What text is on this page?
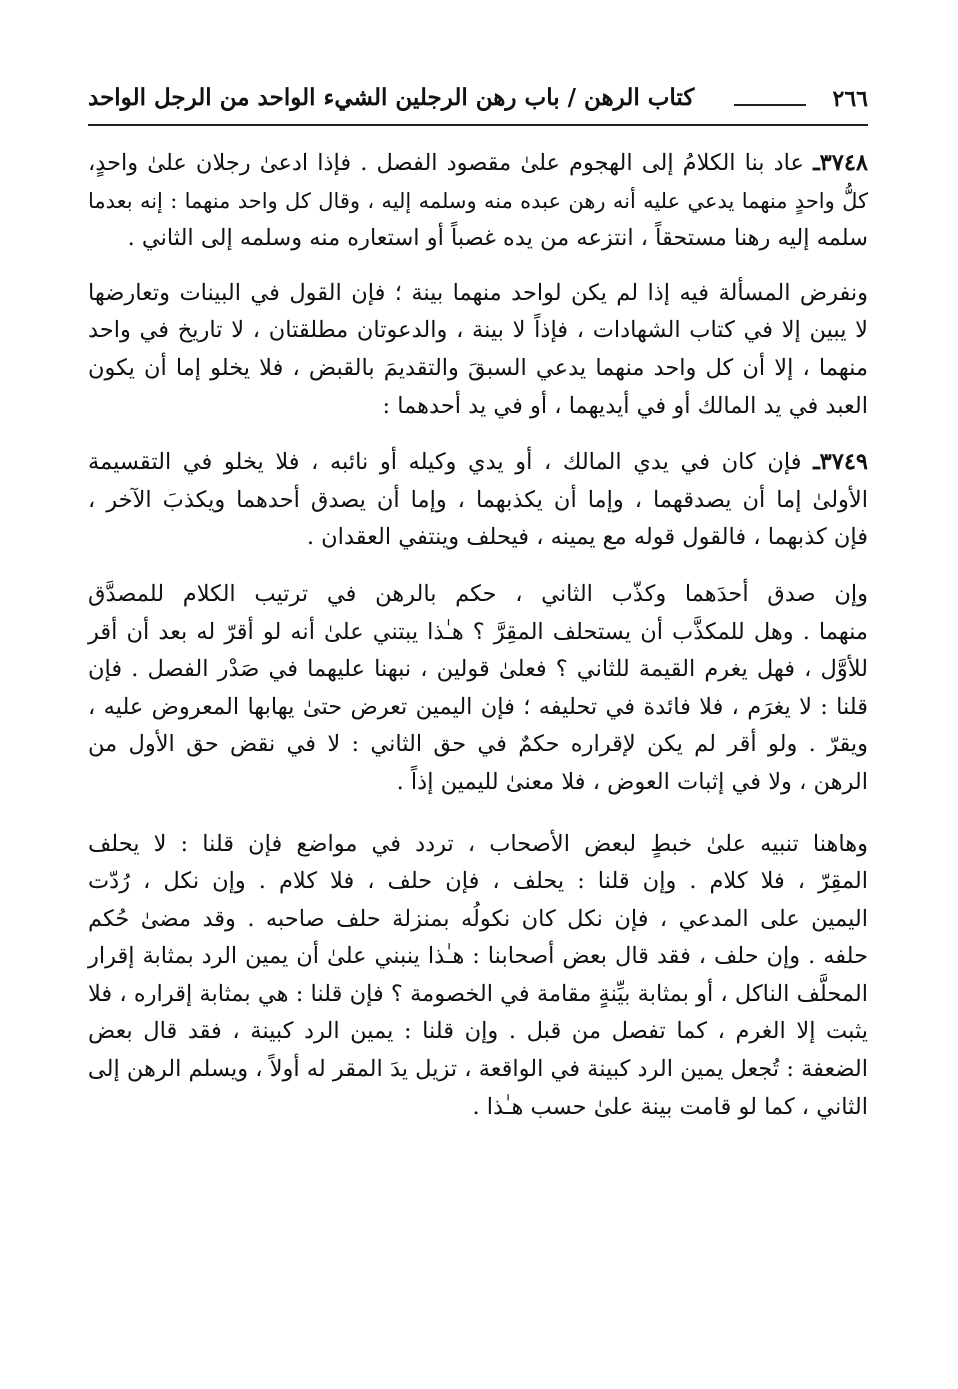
٢٦٦
كتاب الرهن / باب رهن الرجلين الشيء الواحد من الرجل الواحد
٣٧٤٨ـ عاد بنا الكلامُ إلى الهجوم علىٰ مقصود الفصل . فإذا ادعىٰ رجلان علىٰ واحدٍ،
كلُّ واحدٍ منهما يدعي عليه أنه رهن عبده منه وسلمه إليه ، وقال كل واحد منهما : إنه بعدما
سلمه إليه رهنا مستحقاً ، انتزعه من يده غصباً أو استعاره منه وسلمه إلى الثاني .
ونفرض المسألة فيه إذا لم يكن لواحد منهما بينة ؛ فإن القول في البينات وتعارضها
لا يبين إلا في كتاب الشهادات ، فإذاً لا بينة ، والدعوتان مطلقتان ، لا تاريخ في واحد
منهما ، إلا أن كل واحد منهما يدعي السبقَ والتقديمَ بالقبض ، فلا يخلو إما أن يكون
العبد في يد المالك أو في أيديهما ، أو في يد أحدهما :
٣٧٤٩ـ فإن كان في يدي المالك ، أو يدي وكيله أو نائبه ، فلا يخلو في التقسيمة
الأولىٰ إما أن يصدقهما ، وإما أن يكذبهما ، وإما أن يصدق أحدهما ويكذبَ الآخر ،
فإن كذبهما ، فالقول قوله مع يمينه ، فيحلف وينتفي العقدان .
وإن صدق أحدَهما وكذّب الثاني ، حكم بالرهن في ترتيب الكلام للمصدَّق
منهما . وهل للمكذَّب أن يستحلف المقِرَّ ؟ هـٰذا يبتني علىٰ أنه لو أقرّ له بعد أن أقر
للأوَّل ، فهل يغرم القيمة للثاني ؟ فعلىٰ قولين ، نبهنا عليهما في صَدْر الفصل . فإن
قلنا : لا يغرَم ، فلا فائدة في تحليفه ؛ فإن اليمين تعرض حتىٰ يهابها المعروض عليه ،
ويقرّ . ولو أقر لم يكن لإقراره حكمٌ في حق الثاني : لا في نقض حق الأول من
الرهن ، ولا في إثبات العوض ، فلا معنىٰ لليمين إذاً .
وهاهنا تنبيه علىٰ خبطٍ لبعض الأصحاب ، تردد في مواضع فإن قلنا : لا يحلف
المقِرّ ، فلا كلام . وإن قلنا : يحلف ، فإن حلف ، فلا كلام . وإن نكل ، رُدّت
اليمين على المدعي ، فإن نكل كان نكولُه بمنزلة حلف صاحبه . وقد مضىٰ حُكم
حلفه . وإن حلف ، فقد قال بعض أصحابنا : هـٰذا ينبني علىٰ أن يمين الرد بمثابة إقرار
المحلَّف الناكل ، أو بمثابة بيِّنةٍ مقامة في الخصومة ؟ فإن قلنا : هي بمثابة إقراره ، فلا
يثبت إلا الغرم ، كما تفصل من قبل . وإن قلنا : يمين الرد كبينة ، فقد قال بعض
الضعفة : تُجعل يمين الرد كبينة في الواقعة ، تزيل يدَ المقر له أولاً ، ويسلم الرهن إلى
الثاني ، كما لو قامت بينة علىٰ حسب هـٰذا .
